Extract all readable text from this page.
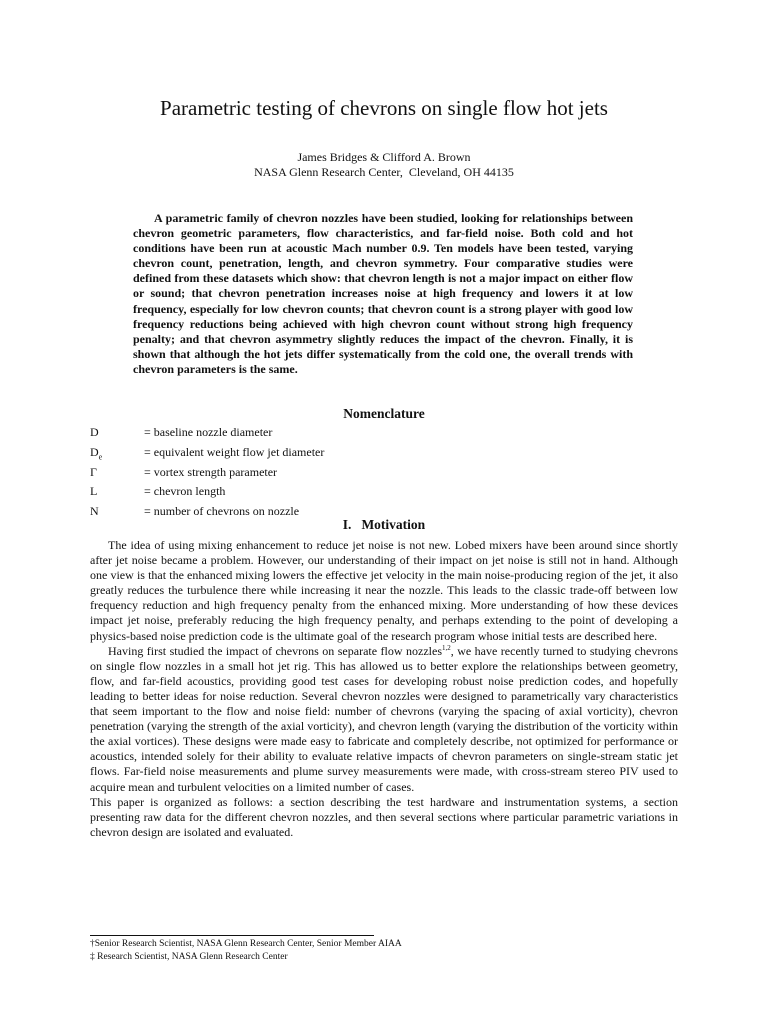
Parametric testing of chevrons on single flow hot jets
James Bridges & Clifford A. Brown
NASA Glenn Research Center,  Cleveland, OH 44135

A parametric family of chevron nozzles have been studied, looking for relationships between chevron geometric parameters, flow characteristics, and far-field noise. Both cold and hot conditions have been run at acoustic Mach number 0.9. Ten models have been tested, varying chevron count, penetration, length, and chevron symmetry. Four comparative studies were defined from these datasets which show: that chevron length is not a major impact on either flow or sound; that chevron penetration increases noise at high frequency and lowers it at low frequency, especially for low chevron counts; that chevron count is a strong player with good low frequency reductions being achieved with high chevron count without strong high frequency penalty; and that chevron asymmetry slightly reduces the impact of the chevron. Finally, it is shown that although the hot jets differ systematically from the cold one, the overall trends with chevron parameters is the same.

Nomenclature
D	= baseline nozzle diameter
$D_e$	= equivalent weight flow jet diameter
Γ	= vortex strength parameter
L	= chevron length
N	= number of chevrons on nozzle
I. Motivation

The idea of using mixing enhancement to reduce jet noise is not new. Lobed mixers have been around since shortly after jet noise became a problem. However, our understanding of their impact on jet noise is still not in hand. Although one view is that the enhanced mixing lowers the effective jet velocity in the main noise-producing region of the jet, it also greatly reduces the turbulence there while increasing it near the nozzle. This leads to the classic trade-off between low frequency reduction and high frequency penalty from the enhanced mixing. More understanding of how these devices impact jet noise, preferably reducing the high frequency penalty, and perhaps extending to the point of developing a physics-based noise prediction code is the ultimate goal of the research program whose initial tests are described here.

Having first studied the impact of chevrons on separate flow nozzles$^{1,2}$, we have recently turned to studying chevrons on single flow nozzles in a small hot jet rig. This has allowed us to better explore the relationships between geometry, flow, and far-field acoustics, providing good test cases for developing robust noise prediction codes, and hopefully leading to better ideas for noise reduction. Several chevron nozzles were designed to parametrically vary characteristics that seem important to the flow and noise field: number of chevrons (varying the spacing of axial vorticity), chevron penetration (varying the strength of the axial vorticity), and chevron length (varying the distribution of the vorticity within the axial vortices). These designs were made easy to fabricate and completely describe, not optimized for performance or acoustics, intended solely for their ability to evaluate relative impacts of chevron parameters on single-stream static jet flows. Far-field noise measurements and plume survey measurements were made, with cross-stream stereo PIV used to acquire mean and turbulent velocities on a limited number of cases.

This paper is organized as follows: a section describing the test hardware and instrumentation systems, a section presenting raw data for the different chevron nozzles, and then several sections where particular parametric variations in chevron design are isolated and evaluated.

†Senior Research Scientist, NASA Glenn Research Center, Senior Member AIAA
‡ Research Scientist, NASA Glenn Research Center
